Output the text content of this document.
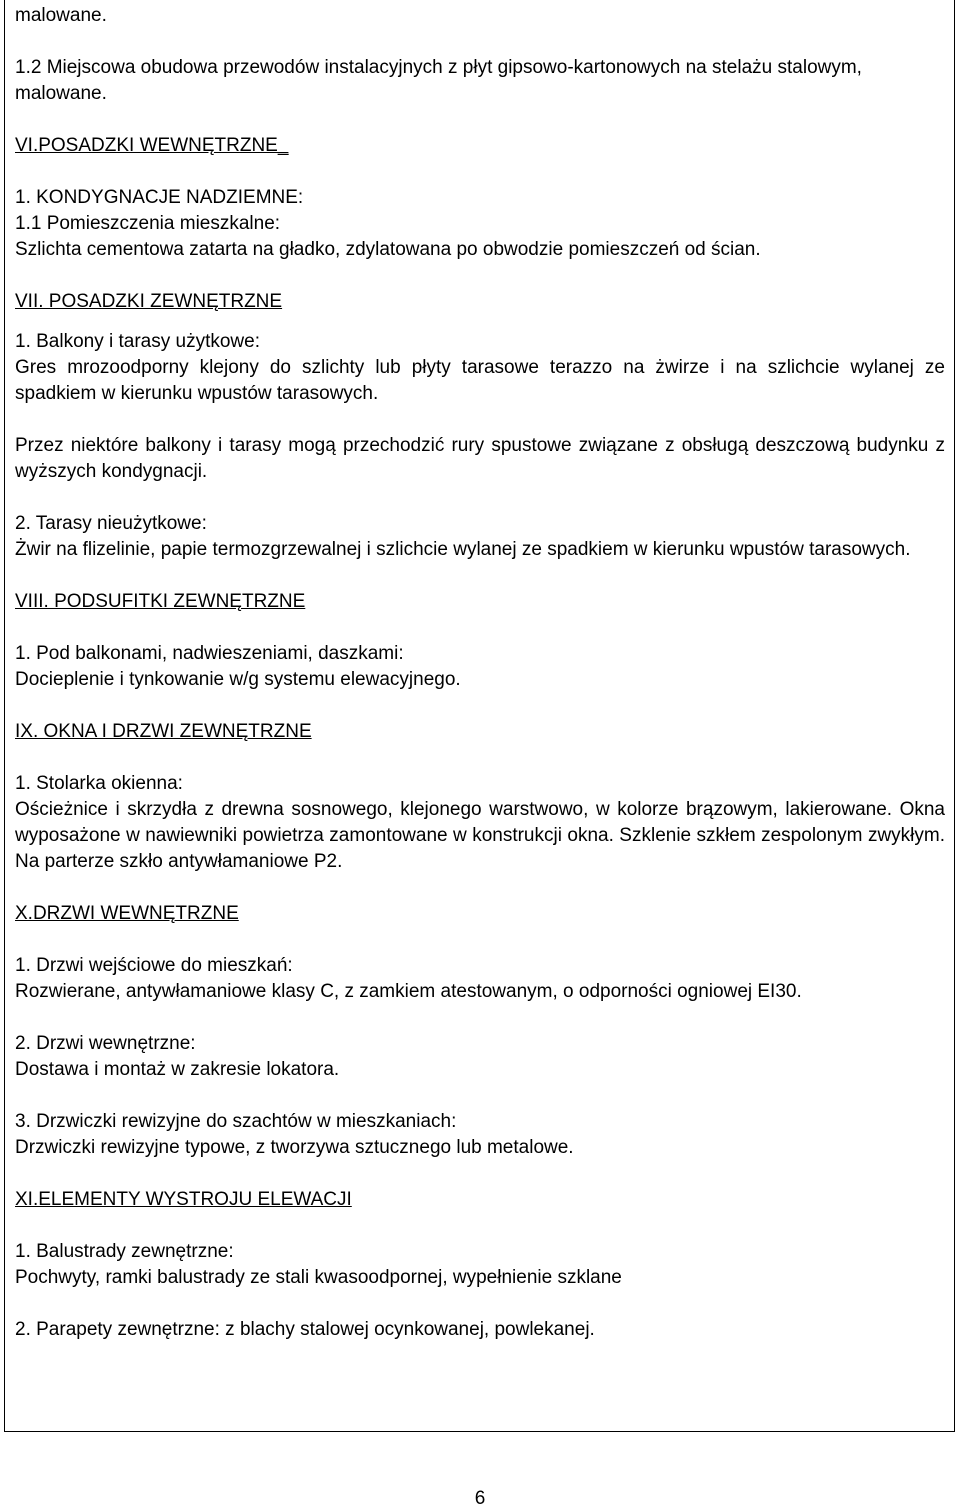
malowane.

1.2 Miejscowa obudowa przewodów instalacyjnych z płyt gipsowo-kartonowych na stelażu stalowym, malowane.

VI.POSADZKI WEWNĘTRZNE_

1. KONDYGNACJE NADZIEMNE:

1.1 Pomieszczenia mieszkalne:

Szlichta cementowa zatarta na gładko, zdylatowana po obwodzie pomieszczeń od ścian.

VII. POSADZKI ZEWNĘTRZNE

1. Balkony i tarasy użytkowe:

Gres mrozoodporny klejony do szlichty lub płyty tarasowe terazzo na żwirze i na szlichcie wylanej ze spadkiem w kierunku wpustów tarasowych.

Przez niektóre balkony i tarasy mogą przechodzić rury spustowe związane z obsługą deszczową budynku z wyższych kondygnacji.

2. Tarasy nieużytkowe:

Żwir na flizelinie, papie termozgrzewalnej i szlichcie wylanej ze spadkiem w kierunku wpustów tarasowych.

VIII. PODSUFITKI ZEWNĘTRZNE

1. Pod balkonami, nadwieszeniami, daszkami:

Docieplenie i tynkowanie w/g systemu elewacyjnego.

IX. OKNA I DRZWI ZEWNĘTRZNE

1. Stolarka okienna:

Ościeżnice i skrzydła z drewna sosnowego, klejonego warstwowo, w kolorze brązowym, lakierowane. Okna wyposażone w nawiewniki powietrza zamontowane w konstrukcji okna. Szklenie szkłem zespolonym zwykłym. Na parterze szkło antywłamaniowe P2.

X.DRZWI WEWNĘTRZNE

1. Drzwi wejściowe do mieszkań:

Rozwierane, antywłamaniowe klasy C, z zamkiem atestowanym, o odporności ogniowej EI30.

2. Drzwi wewnętrzne:

Dostawa i montaż w zakresie lokatora.

3. Drzwiczki rewizyjne do szachtów w mieszkaniach:

Drzwiczki rewizyjne typowe, z tworzywa sztucznego lub metalowe.

XI.ELEMENTY WYSTROJU ELEWACJI

1. Balustrady zewnętrzne:

Pochwyty, ramki balustrady ze stali kwasoodpornej, wypełnienie szklane

2. Parapety zewnętrzne: z blachy stalowej ocynkowanej, powlekanej.

6
